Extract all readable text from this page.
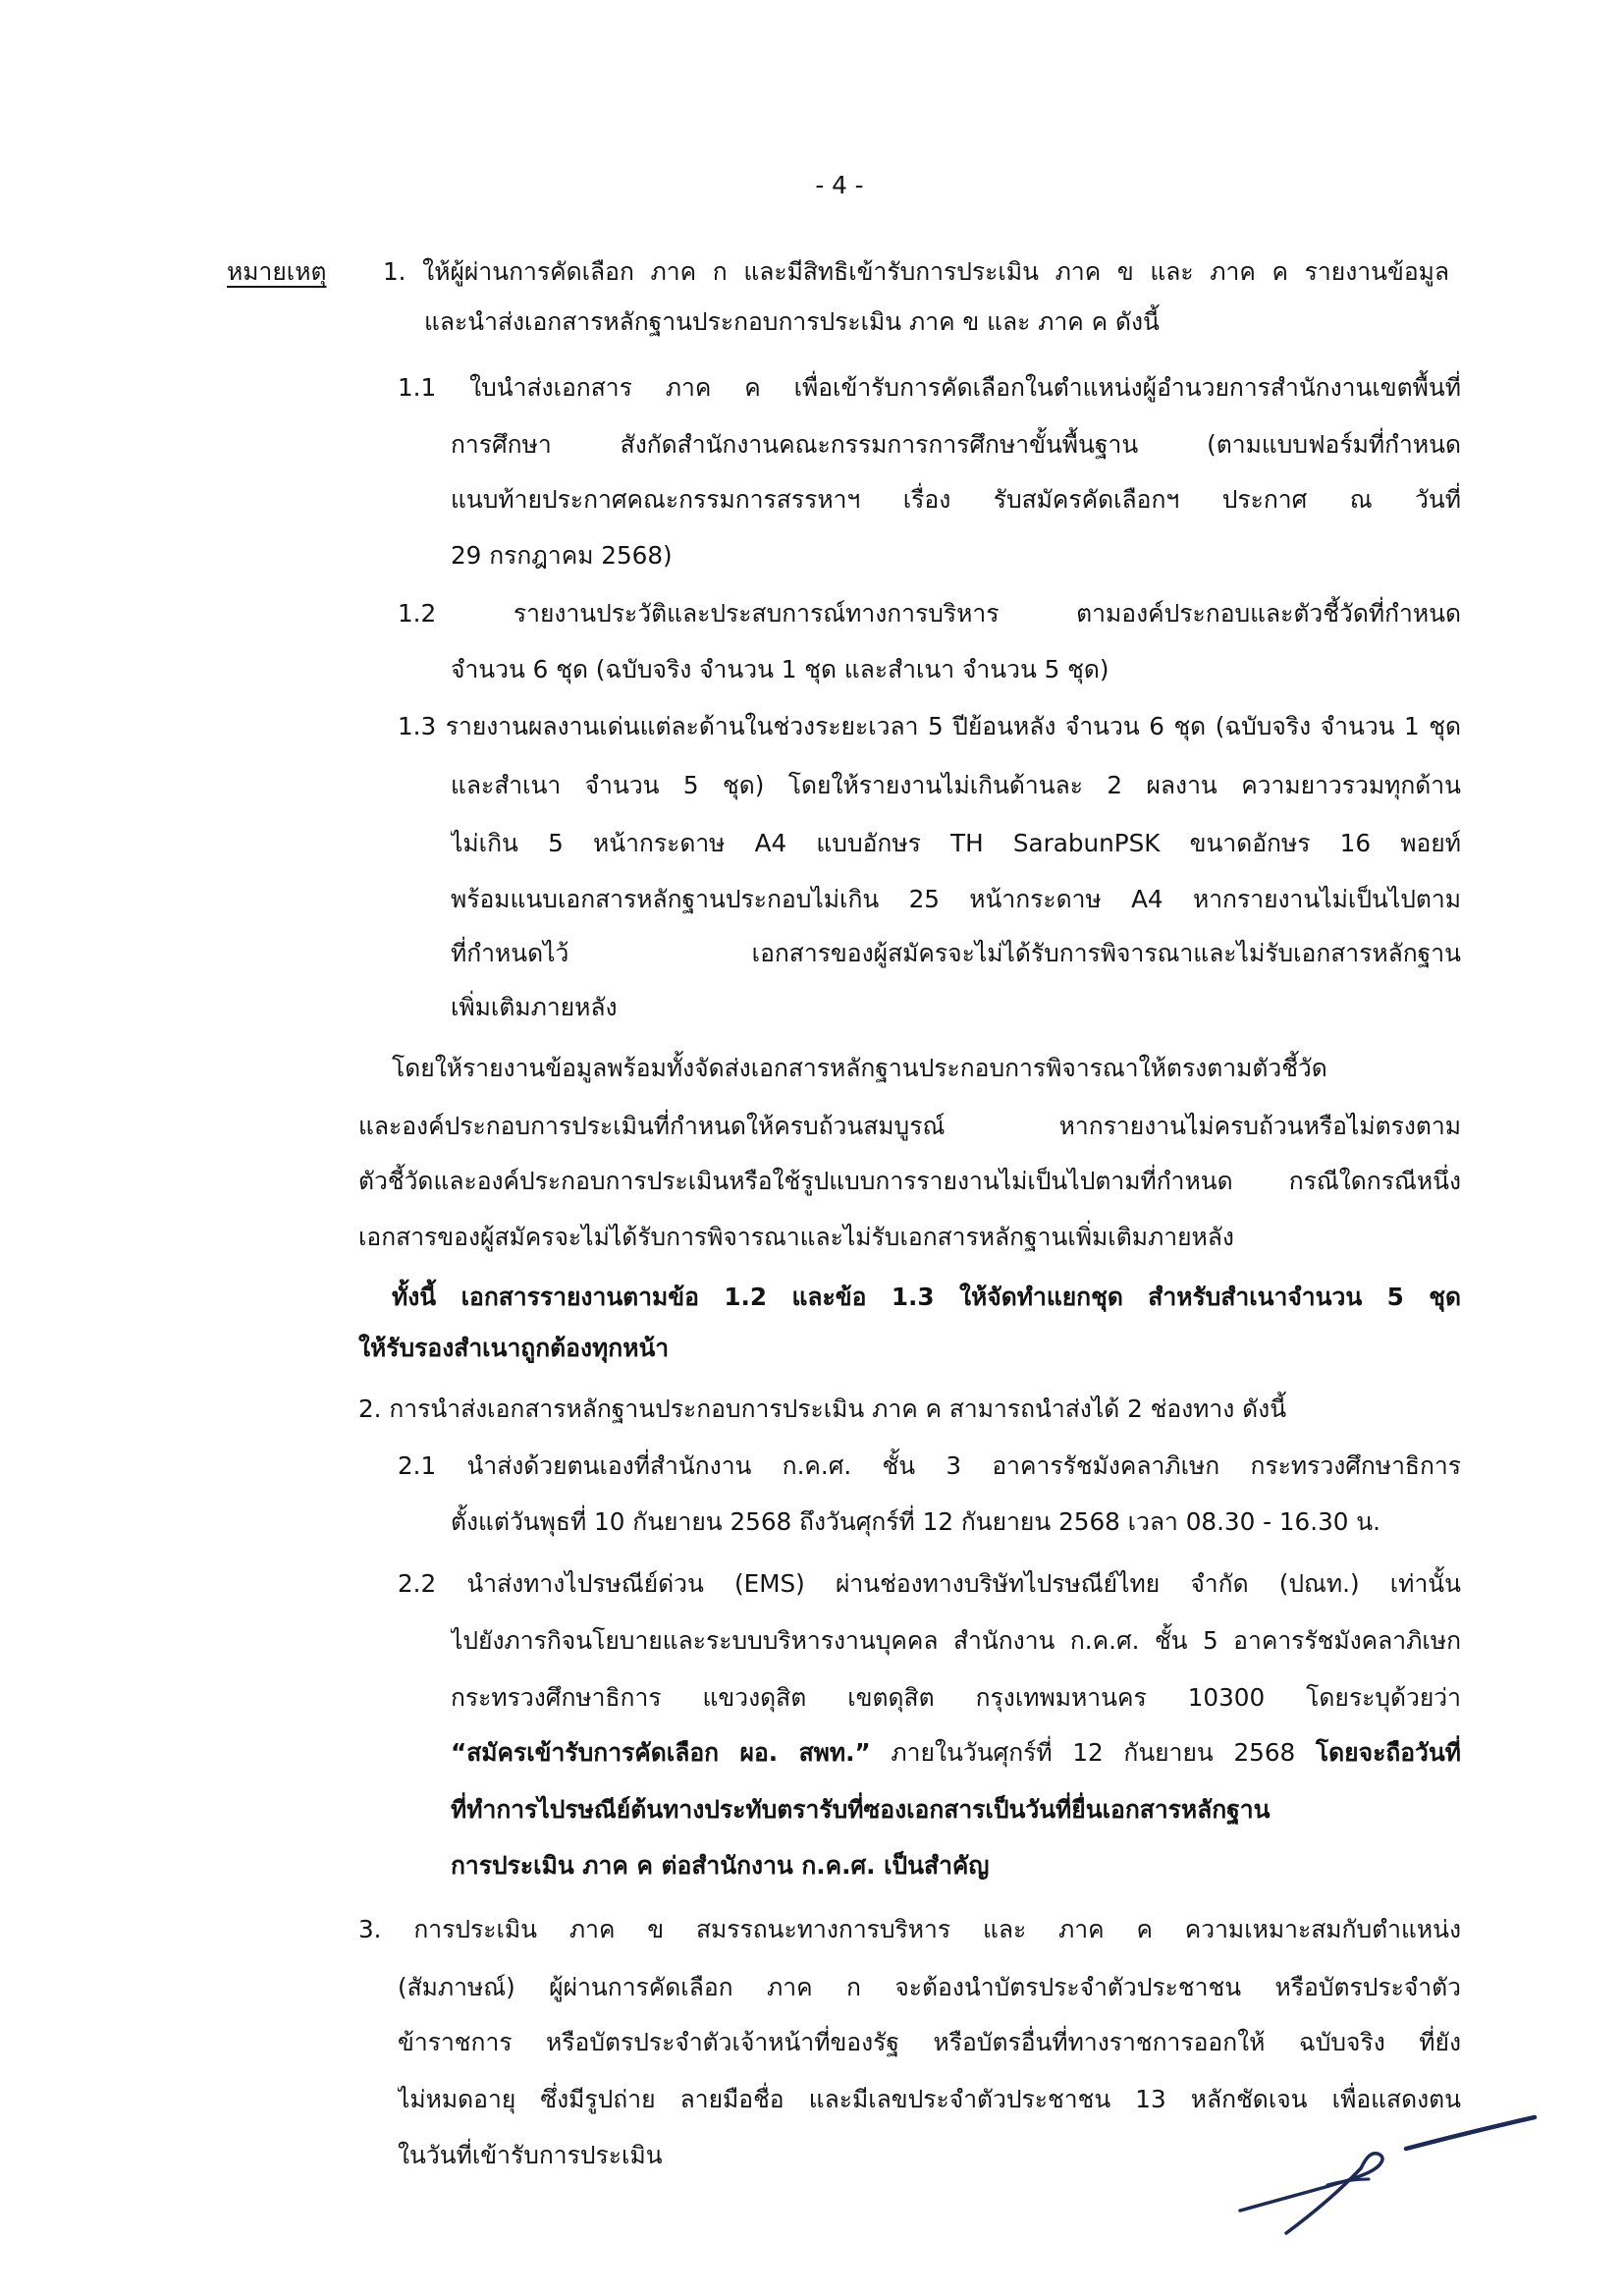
- 4 -
หมายเหตุ	1. ให้ผู้ผ่านการคัดเลือก ภาค ก และมีสิทธิเข้ารับการประเมิน ภาค ข และ ภาค ค รายงานข้อมูล
และนำส่งเอกสารหลักฐานประกอบการประเมิน ภาค ข และ ภาค ค ดังนี้
1.1 ใบนำส่งเอกสาร ภาค ค เพื่อเข้ารับการคัดเลือกในตำแหน่งผู้อำนวยการสำนักงานเขตพื้นที่
การศึกษา สังกัดสำนักงานคณะกรรมการการศึกษาขั้นพื้นฐาน (ตามแบบฟอร์มที่กำหนด
แนบท้ายประกาศคณะกรรมการสรรหาฯ เรื่อง รับสมัครคัดเลือกฯ ประกาศ ณ วันที่
29 กรกฎาคม 2568)
1.2 รายงานประวัติและประสบการณ์ทางการบริหาร ตามองค์ประกอบและตัวชี้วัดที่กำหนด
จำนวน 6 ชุด (ฉบับจริง จำนวน 1 ชุด และสำเนา จำนวน 5 ชุด)
1.3 รายงานผลงานเด่นแต่ละด้านในช่วงระยะเวลา 5 ปีย้อนหลัง จำนวน 6 ชุด (ฉบับจริง จำนวน 1 ชุด
และสำเนา จำนวน 5 ชุด) โดยให้รายงานไม่เกินด้านละ 2 ผลงาน ความยาวรวมทุกด้าน
ไม่เกิน 5 หน้ากระดาษ A4 แบบอักษร TH SarabunPSK ขนาดอักษร 16 พอยท์
พร้อมแนบเอกสารหลักฐานประกอบไม่เกิน 25 หน้ากระดาษ A4 หากรายงานไม่เป็นไปตาม
ที่กำหนดไว้ เอกสารของผู้สมัครจะไม่ได้รับการพิจารณาและไม่รับเอกสารหลักฐาน
เพิ่มเติมภายหลัง
โดยให้รายงานข้อมูลพร้อมทั้งจัดส่งเอกสารหลักฐานประกอบการพิจารณาให้ตรงตามตัวชี้วัด
และองค์ประกอบการประเมินที่กำหนดให้ครบถ้วนสมบูรณ์ หากรายงานไม่ครบถ้วนหรือไม่ตรงตาม
ตัวชี้วัดและองค์ประกอบการประเมินหรือใช้รูปแบบการรายงานไม่เป็นไปตามที่กำหนด กรณีใดกรณีหนึ่ง
เอกสารของผู้สมัครจะไม่ได้รับการพิจารณาและไม่รับเอกสารหลักฐานเพิ่มเติมภายหลัง
ทั้งนี้ เอกสารรายงานตามข้อ 1.2 และข้อ 1.3 ให้จัดทำแยกชุด สำหรับสำเนาจำนวน 5 ชุด
ให้รับรองสำเนาถูกต้องทุกหน้า
2. การนำส่งเอกสารหลักฐานประกอบการประเมิน ภาค ค สามารถนำส่งได้ 2 ช่องทาง ดังนี้
2.1 นำส่งด้วยตนเองที่สำนักงาน ก.ค.ศ. ชั้น 3 อาคารรัชมังคลาภิเษก กระทรวงศึกษาธิการ
ตั้งแต่วันพุธที่ 10 กันยายน 2568 ถึงวันศุกร์ที่ 12 กันยายน 2568 เวลา 08.30 - 16.30 น.
2.2 นำส่งทางไปรษณีย์ด่วน (EMS) ผ่านช่องทางบริษัทไปรษณีย์ไทย จำกัด (ปณท.) เท่านั้น
ไปยังภารกิจนโยบายและระบบบริหารงานบุคคล สำนักงาน ก.ค.ศ. ชั้น 5 อาคารรัชมังคลาภิเษก
กระทรวงศึกษาธิการ แขวงดุสิต เขตดุสิต กรุงเทพมหานคร 10300 โดยระบุด้วยว่า
“สมัครเข้ารับการคัดเลือก ผอ. สพท.” ภายในวันศุกร์ที่ 12 กันยายน 2568 โดยจะถือวันที่
ที่ทำการไปรษณีย์ต้นทางประทับตรารับที่ซองเอกสารเป็นวันที่ยื่นเอกสารหลักฐาน
การประเมิน ภาค ค ต่อสำนักงาน ก.ค.ศ. เป็นสำคัญ
3. การประเมิน ภาค ข สมรรถนะทางการบริหาร และ ภาค ค ความเหมาะสมกับตำแหน่ง
(สัมภาษณ์) ผู้ผ่านการคัดเลือก ภาค ก จะต้องนำบัตรประจำตัวประชาชน หรือบัตรประจำตัว
ข้าราชการ หรือบัตรประจำตัวเจ้าหน้าที่ของรัฐ หรือบัตรอื่นที่ทางราชการออกให้ ฉบับจริง ที่ยัง
ไม่หมดอายุ ซึ่งมีรูปถ่าย ลายมือชื่อ และมีเลขประจำตัวประชาชน 13 หลักชัดเจน เพื่อแสดงตน
ในวันที่เข้ารับการประเมิน
